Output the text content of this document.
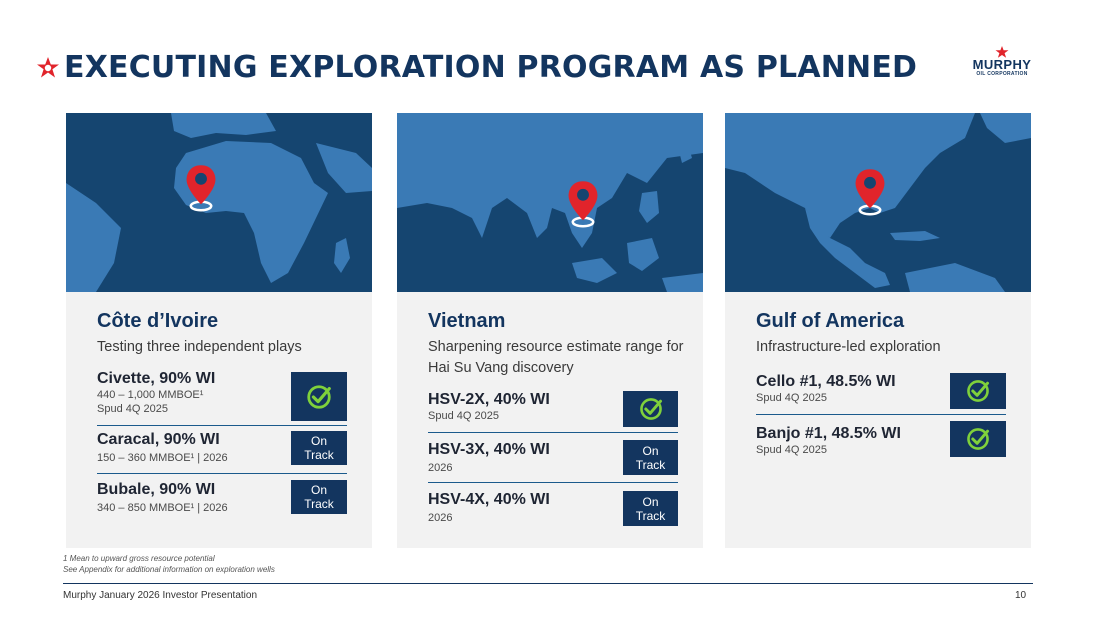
EXECUTING EXPLORATION PROGRAM AS PLANNED	MURPHY
OIL CORPORATION
Côte d’Ivoire
Testing three independent plays
Civette, 90% WI
440 – 1,000 MMBOE¹
Spud 4Q 2025
Caracal, 90% WI
150 – 360 MMBOE¹ | 2026
On
Track
Bubale, 90% WI
340 – 850 MMBOE¹ | 2026
On
Track
Vietnam
Sharpening resource estimate range for Hai Su Vang discovery
HSV-2X, 40% WI
Spud 4Q 2025
HSV-3X, 40% WI
2026
On
Track
HSV-4X, 40% WI
2026
On
Track
Gulf of America
Infrastructure-led exploration
Cello #1, 48.5% WI
Spud 4Q 2025
Banjo #1, 48.5% WI
Spud 4Q 2025
1 Mean to upward gross resource potential
See Appendix for additional information on exploration wells
Murphy January 2026 Investor Presentation	10
